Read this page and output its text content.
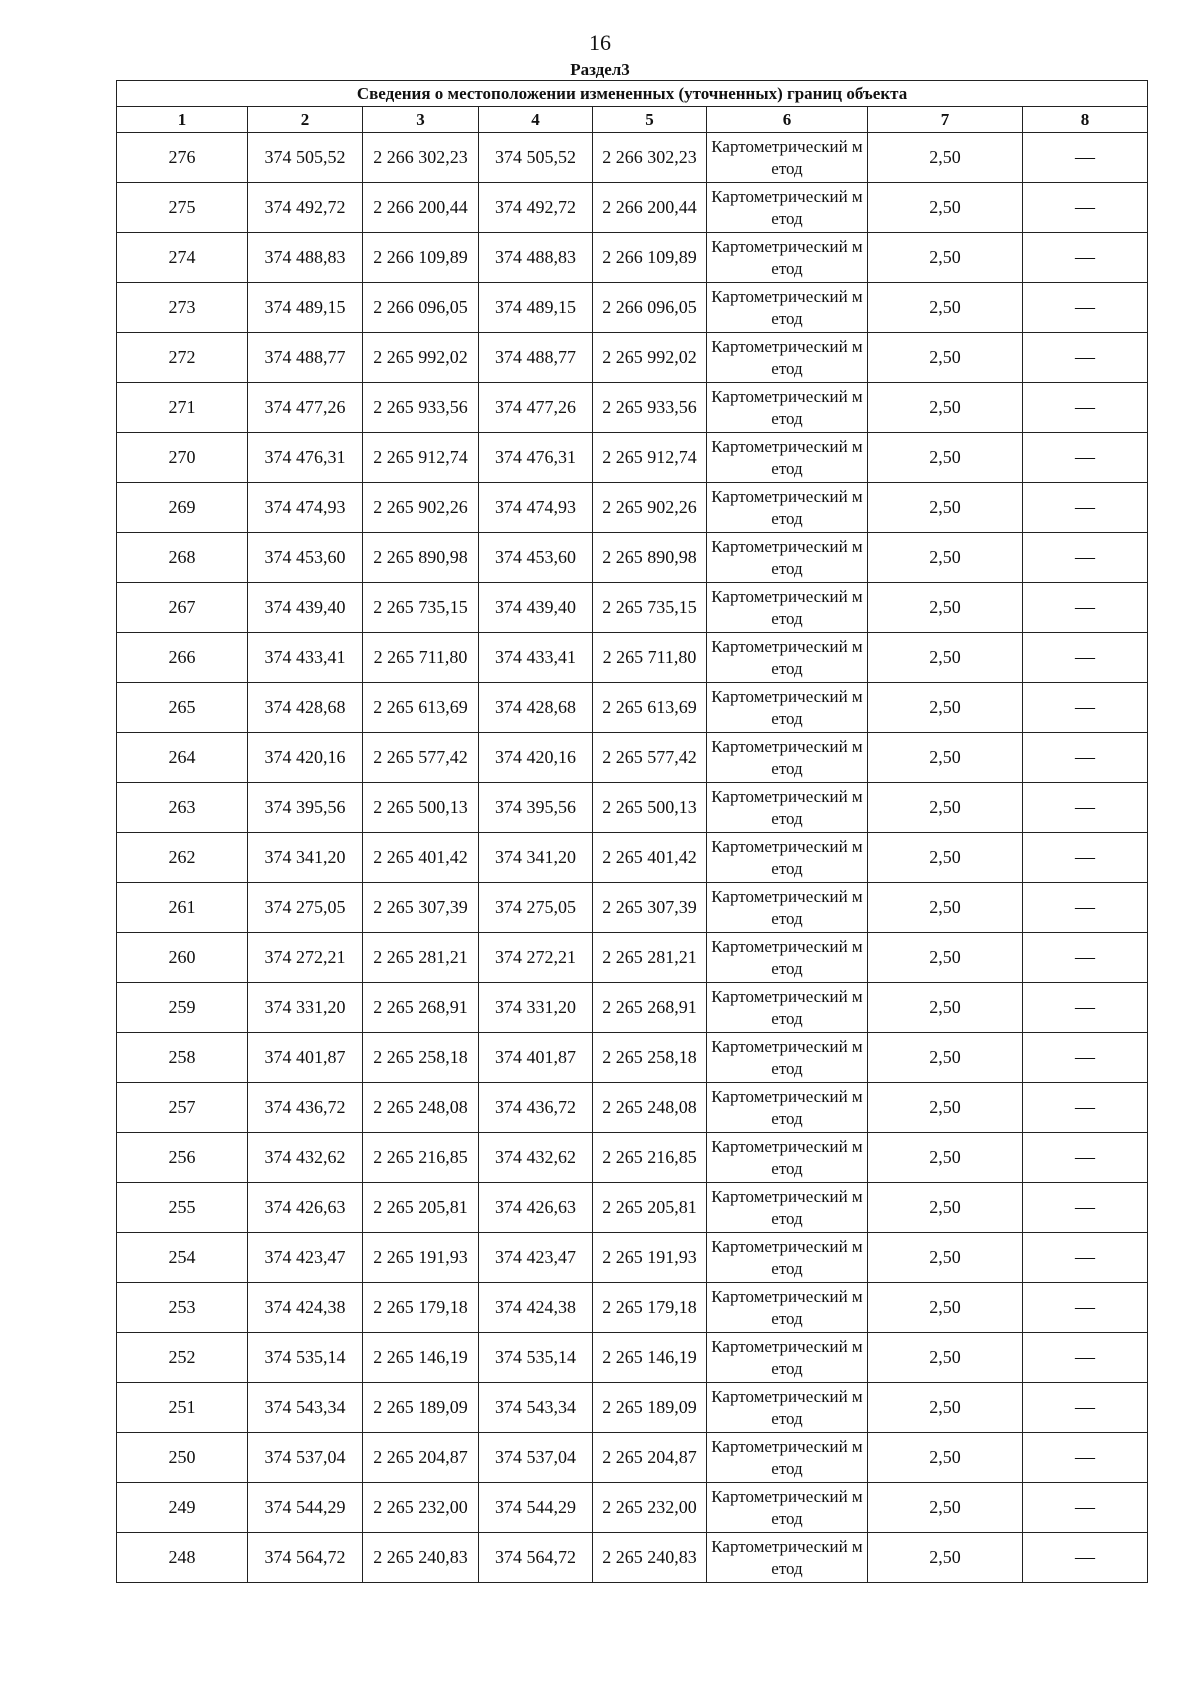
16
Раздел3
Сведения о местоположении измененных (уточненных) границ объекта							
1	2	3	4	5	6	7	8
276	374 505,52	2 266 302,23	374 505,52	2 266 302,23	Картометрический метод	2,50	—
275	374 492,72	2 266 200,44	374 492,72	2 266 200,44	Картометрический метод	2,50	—
274	374 488,83	2 266 109,89	374 488,83	2 266 109,89	Картометрический метод	2,50	—
273	374 489,15	2 266 096,05	374 489,15	2 266 096,05	Картометрический метод	2,50	—
272	374 488,77	2 265 992,02	374 488,77	2 265 992,02	Картометрический метод	2,50	—
271	374 477,26	2 265 933,56	374 477,26	2 265 933,56	Картометрический метод	2,50	—
270	374 476,31	2 265 912,74	374 476,31	2 265 912,74	Картометрический метод	2,50	—
269	374 474,93	2 265 902,26	374 474,93	2 265 902,26	Картометрический метод	2,50	—
268	374 453,60	2 265 890,98	374 453,60	2 265 890,98	Картометрический метод	2,50	—
267	374 439,40	2 265 735,15	374 439,40	2 265 735,15	Картометрический метод	2,50	—
266	374 433,41	2 265 711,80	374 433,41	2 265 711,80	Картометрический метод	2,50	—
265	374 428,68	2 265 613,69	374 428,68	2 265 613,69	Картометрический метод	2,50	—
264	374 420,16	2 265 577,42	374 420,16	2 265 577,42	Картометрический метод	2,50	—
263	374 395,56	2 265 500,13	374 395,56	2 265 500,13	Картометрический метод	2,50	—
262	374 341,20	2 265 401,42	374 341,20	2 265 401,42	Картометрический метод	2,50	—
261	374 275,05	2 265 307,39	374 275,05	2 265 307,39	Картометрический метод	2,50	—
260	374 272,21	2 265 281,21	374 272,21	2 265 281,21	Картометрический метод	2,50	—
259	374 331,20	2 265 268,91	374 331,20	2 265 268,91	Картометрический метод	2,50	—
258	374 401,87	2 265 258,18	374 401,87	2 265 258,18	Картометрический метод	2,50	—
257	374 436,72	2 265 248,08	374 436,72	2 265 248,08	Картометрический метод	2,50	—
256	374 432,62	2 265 216,85	374 432,62	2 265 216,85	Картометрический метод	2,50	—
255	374 426,63	2 265 205,81	374 426,63	2 265 205,81	Картометрический метод	2,50	—
254	374 423,47	2 265 191,93	374 423,47	2 265 191,93	Картометрический метод	2,50	—
253	374 424,38	2 265 179,18	374 424,38	2 265 179,18	Картометрический метод	2,50	—
252	374 535,14	2 265 146,19	374 535,14	2 265 146,19	Картометрический метод	2,50	—
251	374 543,34	2 265 189,09	374 543,34	2 265 189,09	Картометрический метод	2,50	—
250	374 537,04	2 265 204,87	374 537,04	2 265 204,87	Картометрический метод	2,50	—
249	374 544,29	2 265 232,00	374 544,29	2 265 232,00	Картометрический метод	2,50	—
248	374 564,72	2 265 240,83	374 564,72	2 265 240,83	Картометрический метод	2,50	—
